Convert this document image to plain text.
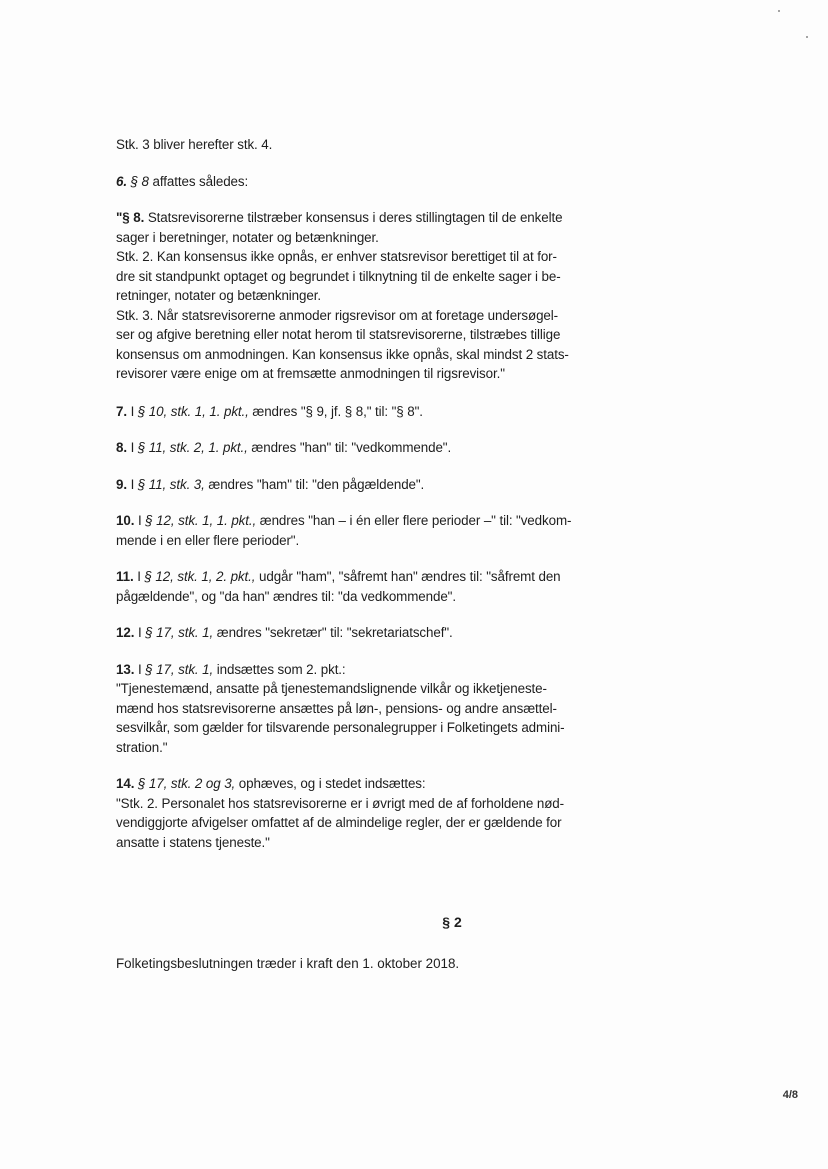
Stk. 3 bliver herefter stk. 4.

6. § 8 affattes således:

"§ 8. Statsrevisorerne tilstræber konsensus i deres stillingtagen til de enkelte
sager i beretninger, notater og betænkninger.
Stk. 2. Kan konsensus ikke opnås, er enhver statsrevisor berettiget til at for-
dre sit standpunkt optaget og begrundet i tilknytning til de enkelte sager i be-
retninger, notater og betænkninger.
Stk. 3. Når statsrevisorerne anmoder rigsrevisor om at foretage undersøgel-
ser og afgive beretning eller notat herom til statsrevisorerne, tilstræbes tillige
konsensus om anmodningen. Kan konsensus ikke opnås, skal mindst 2 stats-
revisorer være enige om at fremsætte anmodningen til rigsrevisor."

7. I § 10, stk. 1, 1. pkt., ændres "§ 9, jf. § 8," til: "§ 8".

8. I § 11, stk. 2, 1. pkt., ændres "han" til: "vedkommende".

9. I § 11, stk. 3, ændres "ham" til: "den pågældende".

10. I § 12, stk. 1, 1. pkt., ændres "han – i én eller flere perioder –" til: "vedkom-
mende i en eller flere perioder".

11. I § 12, stk. 1, 2. pkt., udgår "ham", "såfremt han" ændres til: "såfremt den
pågældende", og "da han" ændres til: "da vedkommende".

12. I § 17, stk. 1, ændres "sekretær" til: "sekretariatschef".

13. I § 17, stk. 1, indsættes som 2. pkt.:
"Tjenestemænd, ansatte på tjenestemandslignende vilkår og ikketjeneste-
mænd hos statsrevisorerne ansættes på løn-, pensions- og andre ansættel-
sesvilkår, som gælder for tilsvarende personalegrupper i Folketingets admini-
stration."

14. § 17, stk. 2 og 3, ophæves, og i stedet indsættes:
"Stk. 2. Personalet hos statsrevisorerne er i øvrigt med de af forholdene nød-
vendiggjorte afvigelser omfattet af de almindelige regler, der er gældende for
ansatte i statens tjeneste."

§ 2
Folketingsbeslutningen træder i kraft den 1. oktober 2018.
4/8
